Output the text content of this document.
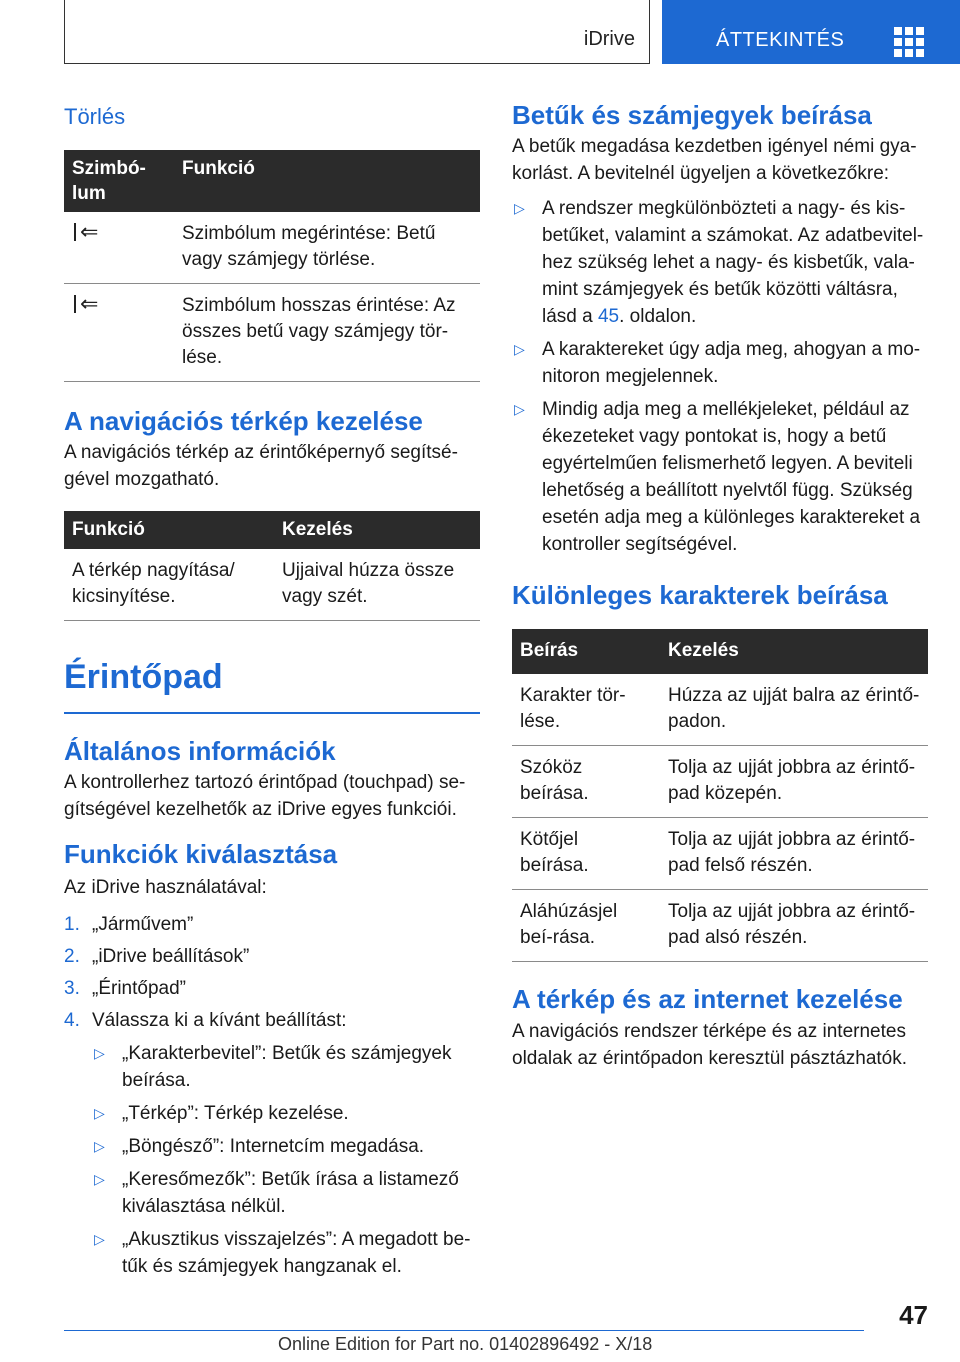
iDrive	ÁTTEKINTÉS
Törlés
Szimbó-
lum	Funkció

⇐	Szimbólum megérintése: Betű vagy számjegy törlése.

⇐	Szimbólum hosszas érintése: Az összes betű vagy számjegy tör-lése.
A navigációs térkép kezelése

A navigációs térkép az érintőképernyő segítsé-gével mozgatható.

Funkció	Kezelés
A térkép nagyítása/ kicsinyítése.	Ujjaival húzza össze vagy szét.
Érintőpad
Általános információk

A kontrollerhez tartozó érintőpad (touchpad) se-gítségével kezelhetők az iDrive egyes funkciói.

Funkciók kiválasztása

Az iDrive használatával:

1. „Járművem”
2. „iDrive beállítások”
3. „Érintőpad”
4. Válassza ki a kívánt beállítást:
▷ „Karakterbevitel”: Betűk és számjegyek beírása.
▷ „Térkép”: Térkép kezelése.
▷ „Böngésző”: Internetcím megadása.
▷ „Keresőmezők”: Betűk írása a listamező kiválasztása nélkül.
▷ „Akusztikus visszajelzés”: A megadott be-tűk és számjegyek hangzanak el.
Betűk és számjegyek beírása

A betűk megadása kezdetben igényel némi gya-korlást. A bevitelnél ügyeljen a következőkre:

▷ A rendszer megkülönbözteti a nagy- és kis-betűket, valamint a számokat. Az adatbevitel-hez szükség lehet a nagy- és kisbetűk, vala-mint számjegyek és betűk közötti váltásra, lásd a 45. oldalon.
▷ A karaktereket úgy adja meg, ahogyan a mo-nitoron megjelennek.
▷ Mindig adja meg a mellékjeleket, például az ékezeteket vagy pontokat is, hogy a betű egyértelműen felismerhető legyen. A beviteli lehetőség a beállított nyelvtől függ. Szükség esetén adja meg a különleges karaktereket a kontroller segítségével.
Különleges karakterek beírása
Beírás	Kezelés
Karakter tör-lése.	Húzza az ujját balra az érintő-padon.
Szóköz beírása.	Tolja az ujját jobbra az érintő-pad közepén.
Kötőjel beírása.	Tolja az ujját jobbra az érintő-pad felső részén.
Aláhúzásjel beí-rása.	Tolja az ujját jobbra az érintő-pad alsó részén.
A térkép és az internet kezelése

A navigációs rendszer térképe és az internetes oldalak az érintőpadon keresztül pásztázhatók.

47
Online Edition for Part no. 01402896492 - X/18
